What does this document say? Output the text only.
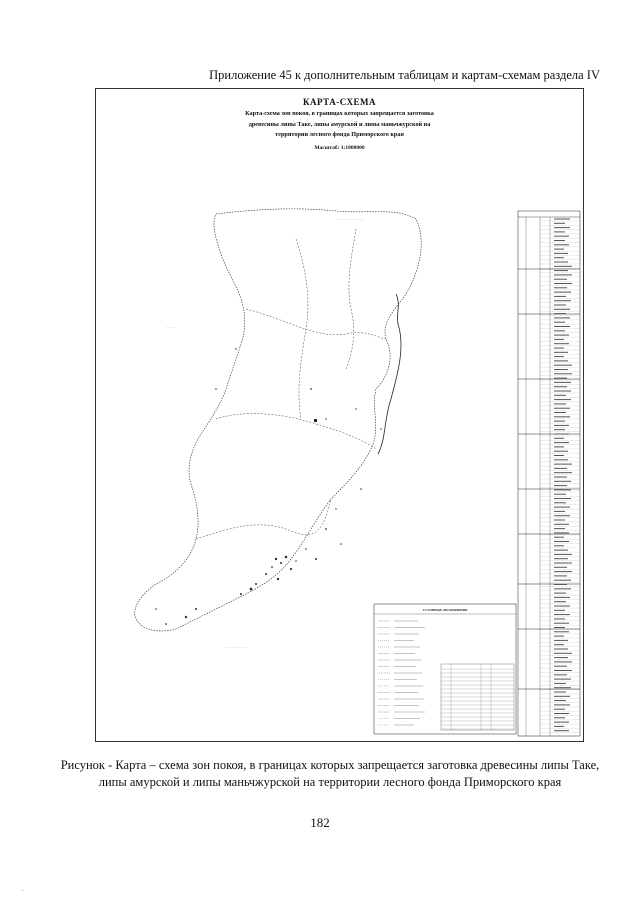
Приложение 45 к дополнительным таблицам и картам-схемам раздела IV
КАРТА-СХЕМА
Карта-схема зон покоя, в границах которых запрещается заготовка древесины липы Таке, липы амурской и липы маньчжурской на территории лесного фонда Приморского края
Масштаб: 1:1000000
· · · · · · · · · · · · ·
· · · ·
· · · · · · · · · ·
УСЛОВНЫЕ ОБОЗНАЧЕНИЯ
Рисунок - Карта – схема зон покоя, в границах которых запрещается заготовка древесины липы Таке, липы амурской и липы маньчжурской на территории лесного фонда Приморского края
182
